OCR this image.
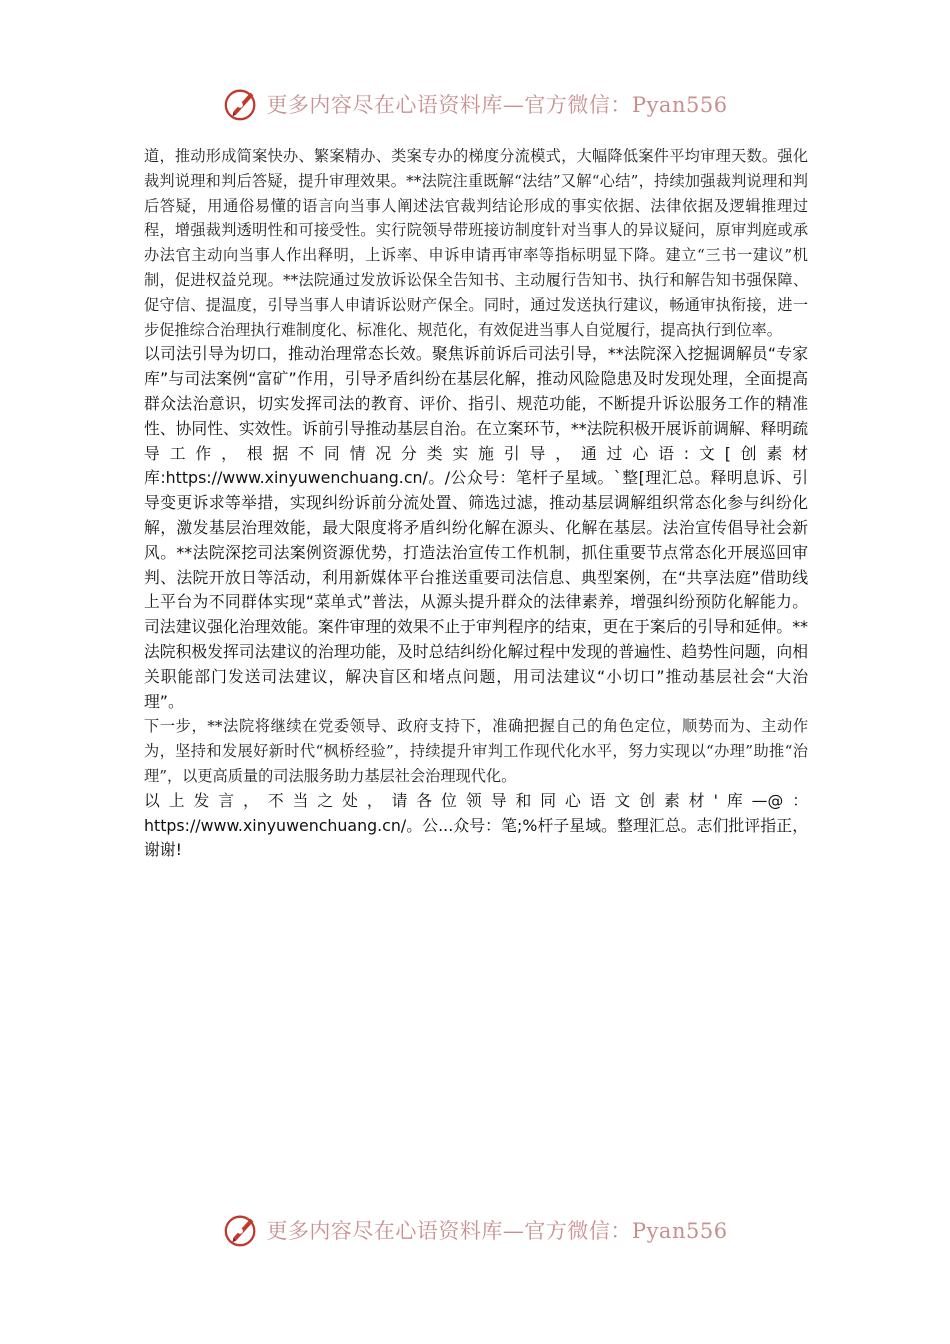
更多内容尽在心语资料库—官方微信：Pyan556

道，推动形成简案快办、繁案精办、类案专办的梯度分流模式，大幅降低案件平均审理天数。强化裁判说理和判后答疑，提升审理效果。**法院注重既解“法结”又解“心结”，持续加强裁判说理和判后答疑，用通俗易懂的语言向当事人阐述法官裁判结论形成的事实依据、法律依据及逻辑推理过程，增强裁判透明性和可接受性。实行院领导带班接访制度针对当事人的异议疑问，原审判庭或承办法官主动向当事人作出释明，上诉率、申诉申请再审率等指标明显下降。建立“三书一建议”机制，促进权益兑现。**法院通过发放诉讼保全告知书、主动履行告知书、执行和解告知书强保障、促守信、提温度，引导当事人申请诉讼财产保全。同时，通过发送执行建议，畅通审执衔接，进一步促推综合治理执行难制度化、标准化、规范化，有效促进当事人自觉履行，提高执行到位率。

以司法引导为切口，推动治理常态长效。聚焦诉前诉后司法引导，**法院深入挖掘调解员“专家库”与司法案例“富矿”作用，引导矛盾纠纷在基层化解，推动风险隐患及时发现处理，全面提高群众法治意识，切实发挥司法的教育、评价、指引、规范功能，不断提升诉讼服务工作的精准性、协同性、实效性。诉前引导推动基层自治。在立案环节，**法院积极开展诉前调解、释明疏导工作，根据不同情况分类实施引导，通过心语:文[创素材库:https://www.xinyuwenchuang.cn/。/公众号：笔杆子星域。`整[理汇总。释明息诉、引导变更诉求等举措，实现纠纷诉前分流处置、筛选过滤，推动基层调解组织常态化参与纠纷化解，激发基层治理效能，最大限度将矛盾纠纷化解在源头、化解在基层。法治宣传倡导社会新风。**法院深挖司法案例资源优势，打造法治宣传工作机制，抓住重要节点常态化开展巡回审判、法院开放日等活动，利用新媒体平台推送重要司法信息、典型案例，在“共享法庭”借助线上平台为不同群体实现“菜单式”普法，从源头提升群众的法律素养，增强纠纷预防化解能力。司法建议强化治理效能。案件审理的效果不止于审判程序的结束，更在于案后的引导和延伸。**法院积极发挥司法建议的治理功能，及时总结纠纷化解过程中发现的普遍性、趋势性问题，向相关职能部门发送司法建议，解决盲区和堵点问题，用司法建议“小切口”推动基层社会“大治理”。

下一步，**法院将继续在党委领导、政府支持下，准确把握自己的角色定位，顺势而为、主动作为，坚持和发展好新时代“枫桥经验”，持续提升审判工作现代化水平，努力实现以“办理”助推“治理”，以更高质量的司法服务助力基层社会治理现代化。

以上发言，不当之处，请各位领导和同心语文创素材'库—@：https://www.xinyuwenchuang.cn/。公...众号：笔;%杆子星域。整理汇总。志们批评指正，谢谢!

更多内容尽在心语资料库—官方微信：Pyan556
